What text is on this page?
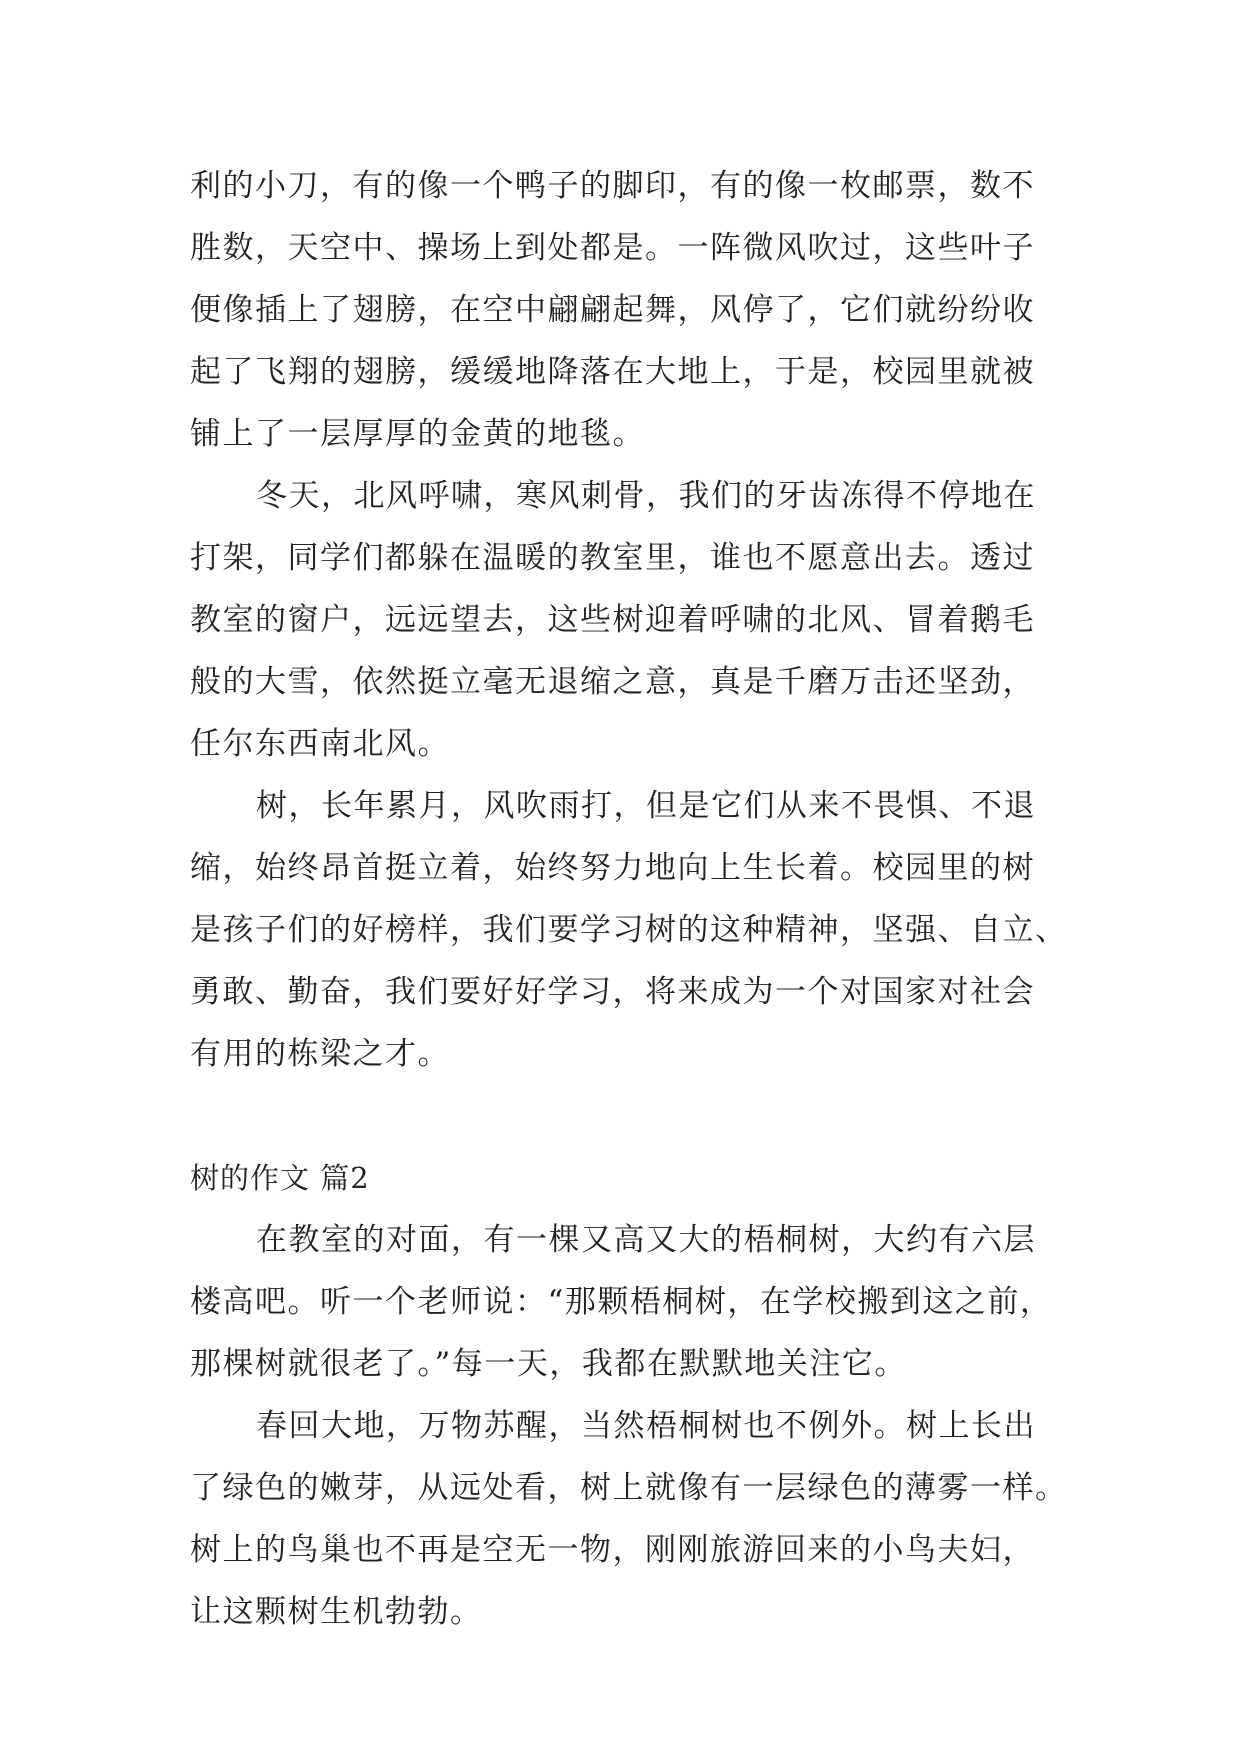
利的小刀，有的像一个鸭子的脚印，有的像一枚邮票，数不
胜数，天空中、操场上到处都是。一阵微风吹过，这些叶子
便像插上了翅膀，在空中翩翩起舞，风停了，它们就纷纷收
起了飞翔的翅膀，缓缓地降落在大地上，于是，校园里就被
铺上了一层厚厚的金黄的地毯。
冬天，北风呼啸，寒风刺骨，我们的牙齿冻得不停地在
打架，同学们都躲在温暖的教室里，谁也不愿意出去。透过
教室的窗户，远远望去，这些树迎着呼啸的北风、冒着鹅毛
般的大雪，依然挺立毫无退缩之意，真是千磨万击还坚劲，
任尔东西南北风。
树，长年累月，风吹雨打，但是它们从来不畏惧、不退
缩，始终昂首挺立着，始终努力地向上生长着。校园里的树
是孩子们的好榜样，我们要学习树的这种精神，坚强、自立、
勇敢、勤奋，我们要好好学习，将来成为一个对国家对社会
有用的栋梁之才。
树的作文 篇2
在教室的对面，有一棵又高又大的梧桐树，大约有六层
楼高吧。听一个老师说：“那颗梧桐树，在学校搬到这之前，
那棵树就很老了。”每一天，我都在默默地关注它。
春回大地，万物苏醒，当然梧桐树也不例外。树上长出
了绿色的嫩芽，从远处看，树上就像有一层绿色的薄雾一样。
树上的鸟巢也不再是空无一物，刚刚旅游回来的小鸟夫妇，
让这颗树生机勃勃。
